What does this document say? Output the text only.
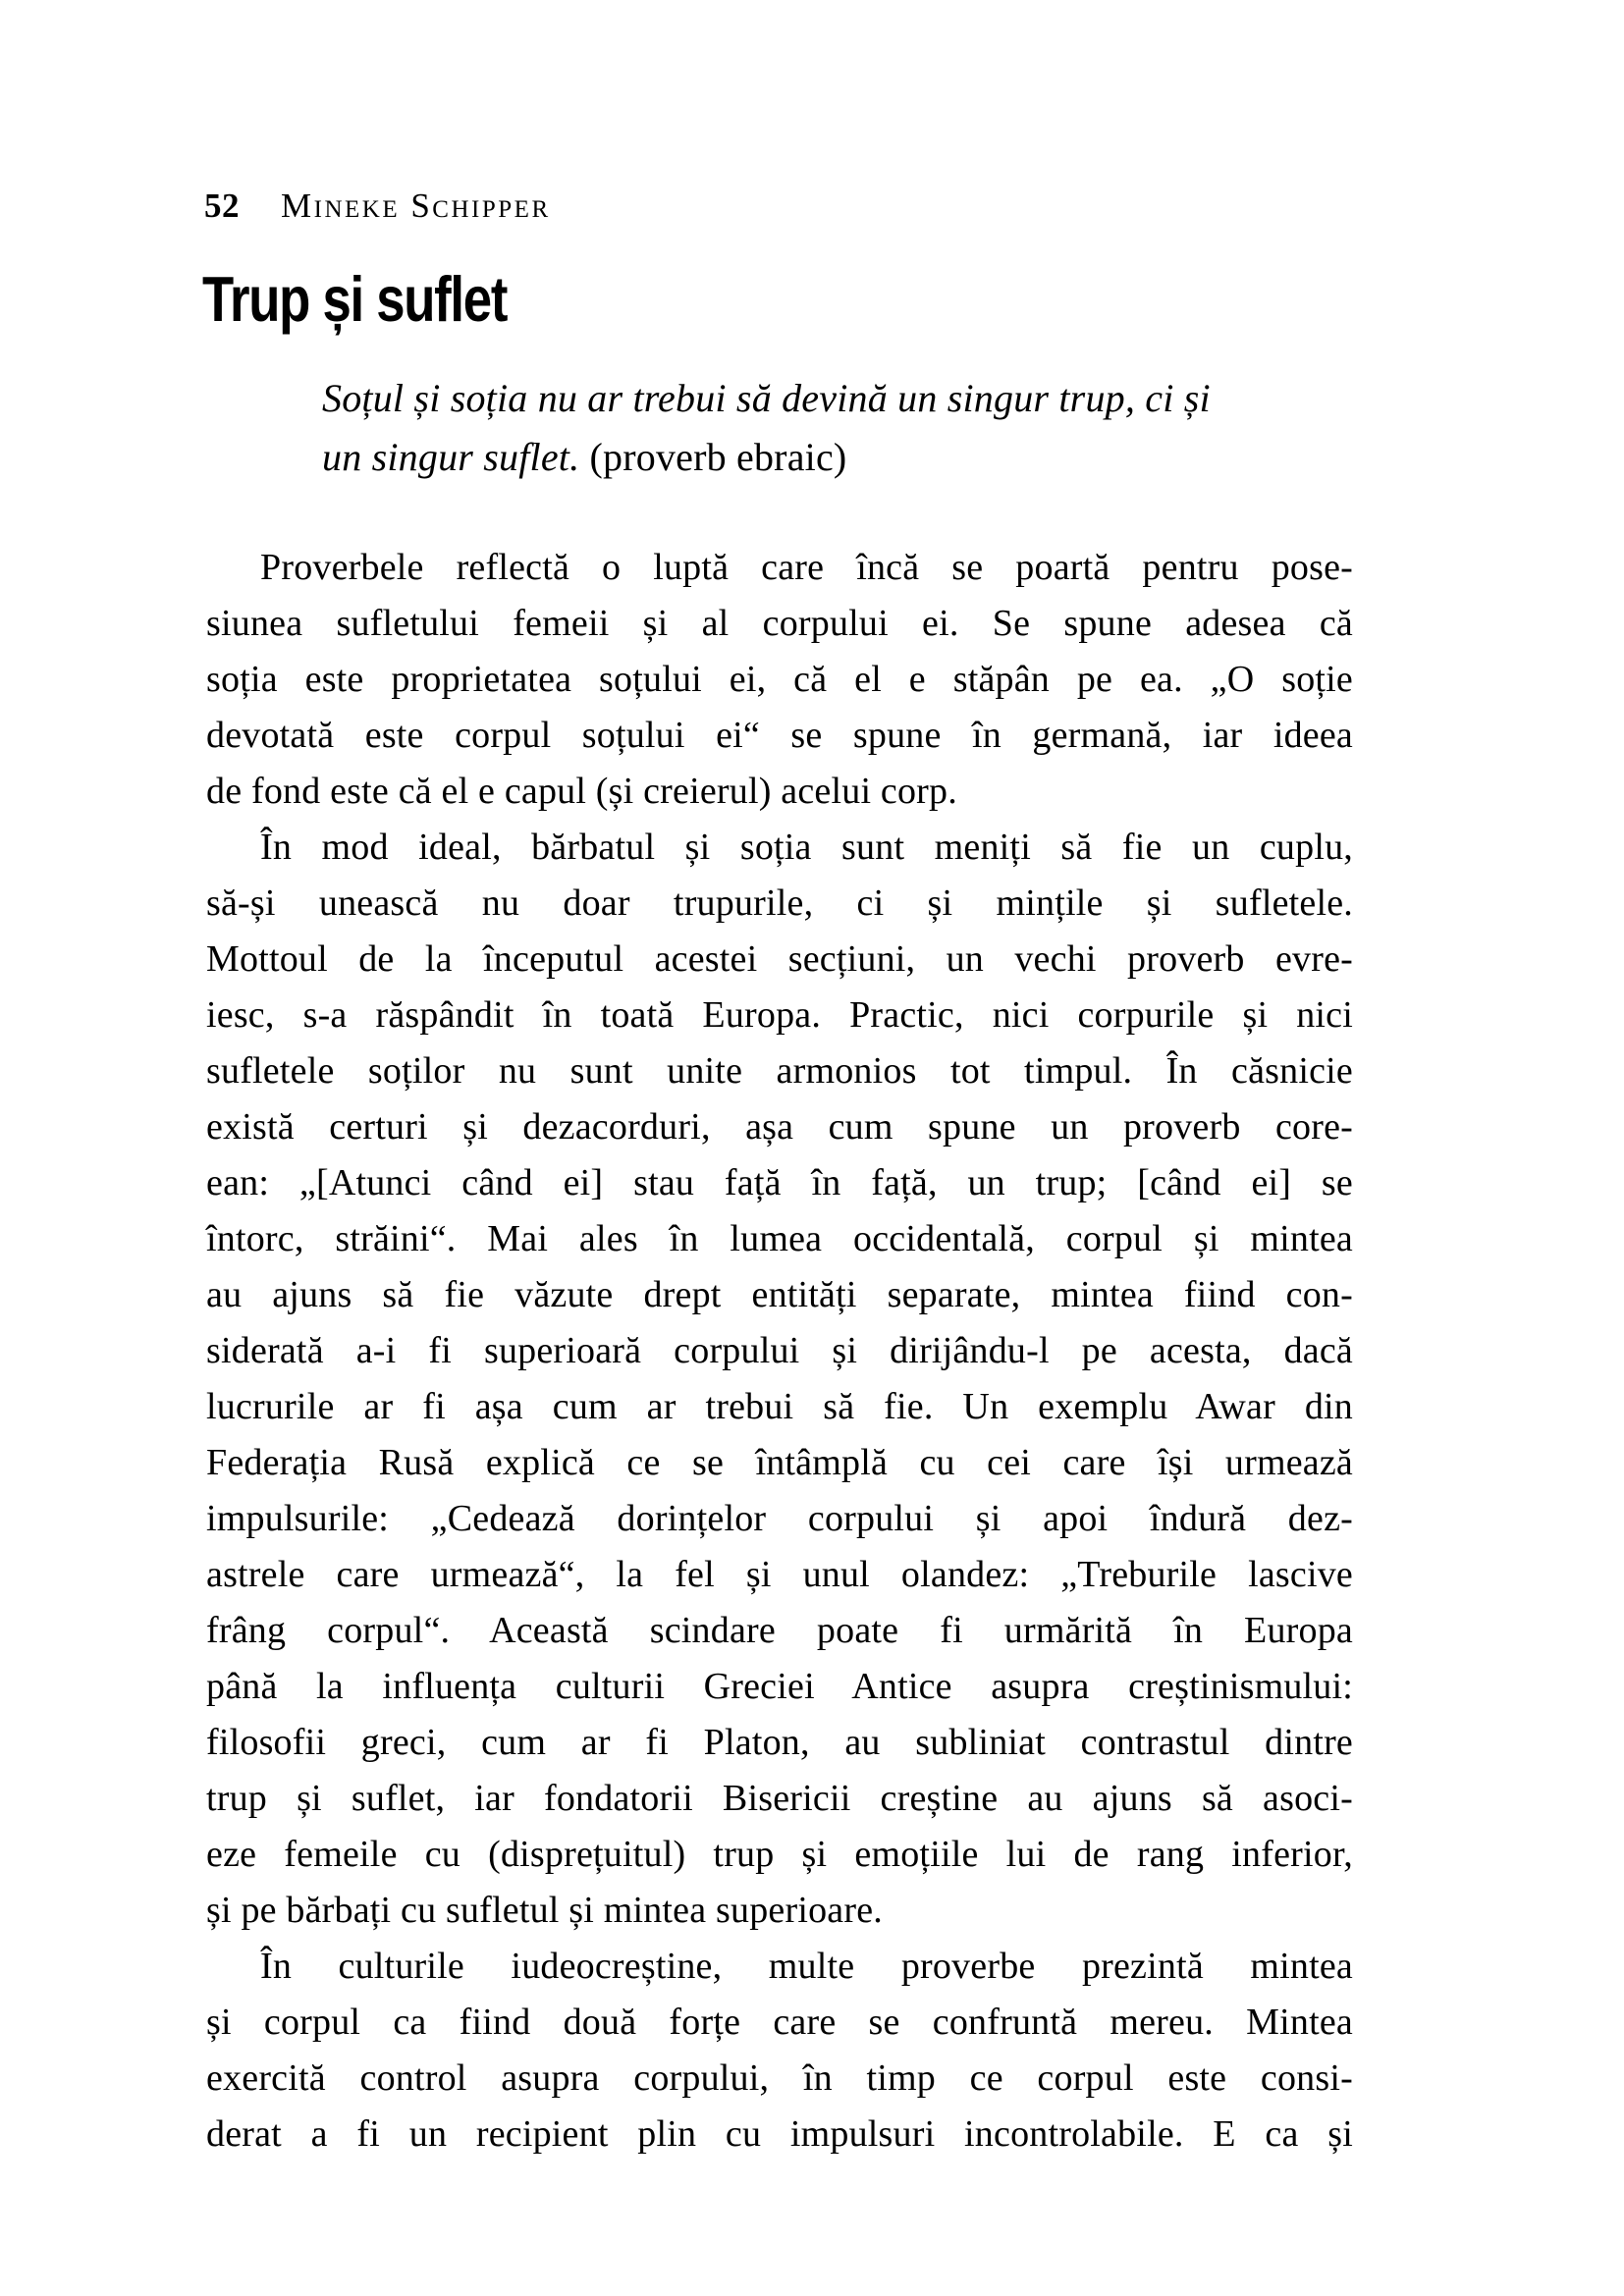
52 Mineke Schipper
Trup și suflet
Soțul și soția nu ar trebui să devină un singur trup, ci și
un singur suflet. (proverb ebraic)
Proverbele reflectă o luptă care încă se poartă pentru pose-
siunea sufletului femeii și al corpului ei. Se spune adesea că
soția este proprietatea soțului ei, că el e stăpân pe ea. „O soție
devotată este corpul soțului ei“ se spune în germană, iar ideea
de fond este că el e capul (și creierul) acelui corp.
În mod ideal, bărbatul și soția sunt meniți să fie un cuplu,
să-și unească nu doar trupurile, ci și mințile și sufletele.
Mottoul de la începutul acestei secțiuni, un vechi proverb evre-
iesc, s-a răspândit în toată Europa. Practic, nici corpurile și nici
sufletele soților nu sunt unite armonios tot timpul. În căsnicie
există certuri și dezacorduri, așa cum spune un proverb core-
ean: „[Atunci când ei] stau față în față, un trup; [când ei] se
întorc, străini“. Mai ales în lumea occidentală, corpul și mintea
au ajuns să fie văzute drept entități separate, mintea fiind con-
siderată a-i fi superioară corpului și dirijându-l pe acesta, dacă
lucrurile ar fi așa cum ar trebui să fie. Un exemplu Awar din
Federația Rusă explică ce se întâmplă cu cei care își urmează
impulsurile: „Cedează dorințelor corpului și apoi îndură dez-
astrele care urmează“, la fel și unul olandez: „Treburile lascive
frâng corpul“. Această scindare poate fi urmărită în Europa
până la influența culturii Greciei Antice asupra creștinismului:
filosofii greci, cum ar fi Platon, au subliniat contrastul dintre
trup și suflet, iar fondatorii Bisericii creștine au ajuns să asoci-
eze femeile cu (disprețuitul) trup și emoțiile lui de rang inferior,
și pe bărbați cu sufletul și mintea superioare.
În culturile iudeocreștine, multe proverbe prezintă mintea
și corpul ca fiind două forțe care se confruntă mereu. Mintea
exercită control asupra corpului, în timp ce corpul este consi-
derat a fi un recipient plin cu impulsuri incontrolabile. E ca și
